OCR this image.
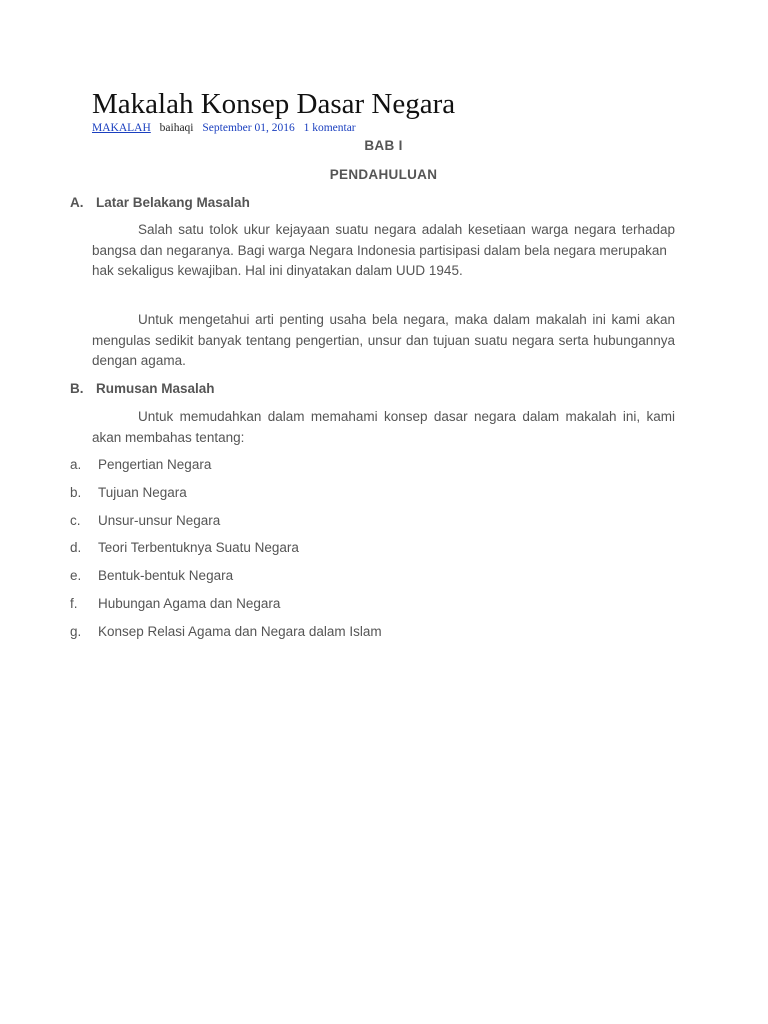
Makalah Konsep Dasar Negara
MAKALAH baihaqi September 01, 2016 1 komentar
BAB I
PENDAHULUAN
A. Latar Belakang Masalah

Salah satu tolok ukur kejayaan suatu negara adalah kesetiaan warga negara terhadap bangsa dan negaranya. Bagi warga Negara Indonesia partisipasi dalam bela negara merupakan
hak sekaligus kewajiban. Hal ini dinyatakan dalam UUD 1945.

Untuk mengetahui arti penting usaha bela negara, maka dalam makalah ini kami akan mengulas sedikit banyak tentang pengertian, unsur dan tujuan suatu negara serta hubungannya dengan agama.

B. Rumusan Masalah

Untuk memudahkan dalam memahami konsep dasar negara dalam makalah ini, kami akan membahas tentang:

a. Pengertian Negara
b. Tujuan Negara
c. Unsur-unsur Negara
d. Teori Terbentuknya Suatu Negara
e. Bentuk-bentuk Negara
f. Hubungan Agama dan Negara
g. Konsep Relasi Agama dan Negara dalam Islam
